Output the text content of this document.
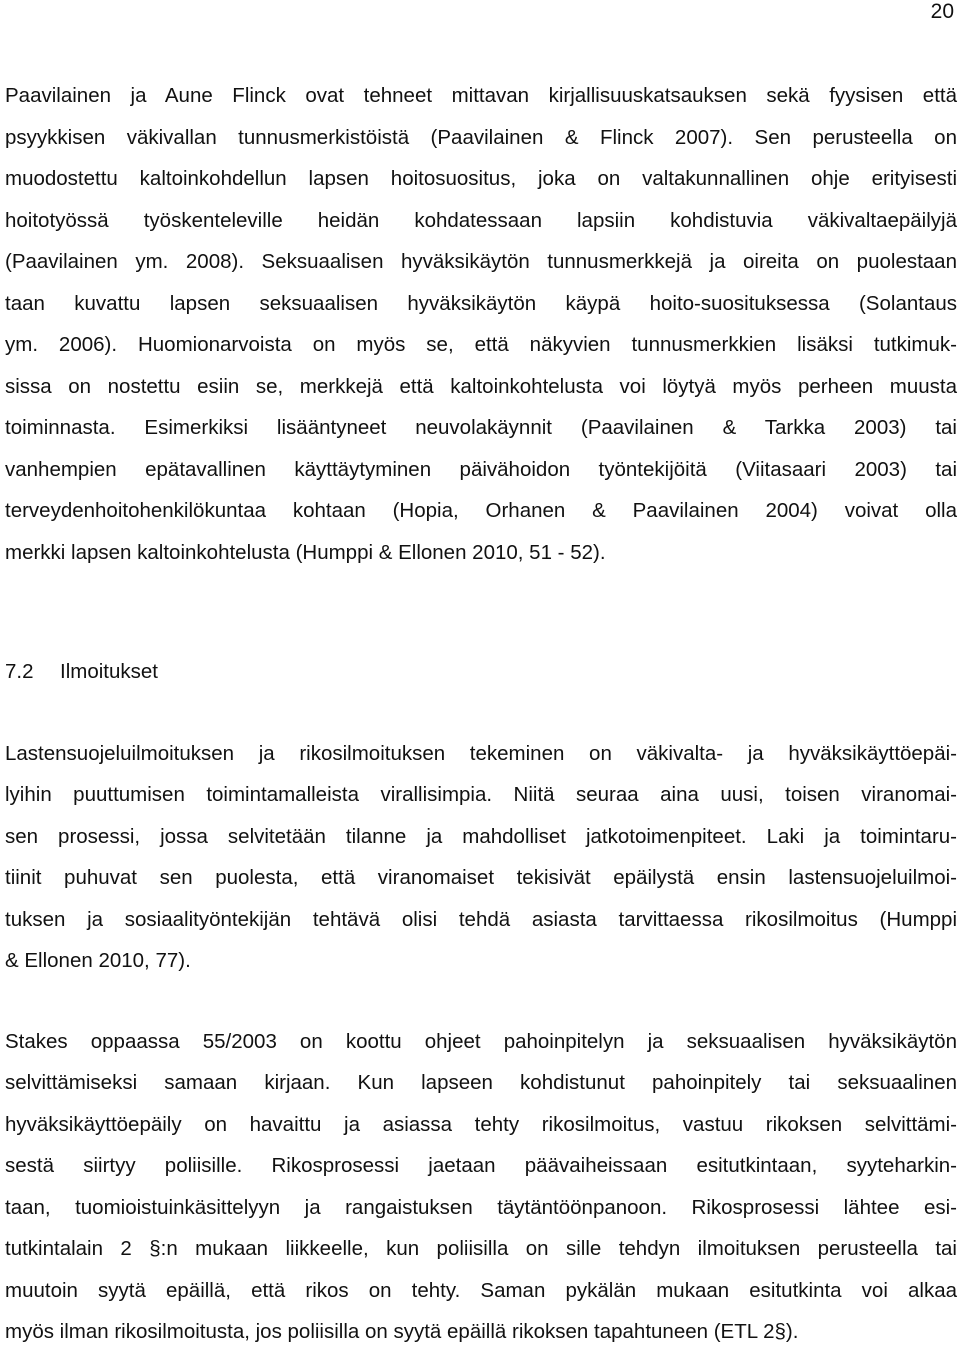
20
Paavilainen ja Aune Flinck ovat tehneet mittavan kirjallisuuskatsauksen sekä fyysisen että
psyykkisen väkivallan tunnusmerkistöistä (Paavilainen & Flinck 2007). Sen perusteella on
muodostettu kaltoinkohdellun lapsen hoitosuositus, joka on valtakunnallinen ohje erityisesti
hoitotyössä työskenteleville heidän kohdatessaan lapsiin kohdistuvia väkivaltaepäilyjä
(Paavilainen ym. 2008). Seksuaalisen hyväksikäytön tunnusmerkkejä ja oireita on puolestaan
taan kuvattu lapsen seksuaalisen hyväksikäytön käypä hoito-suosituksessa (Solantaus
ym. 2006). Huomionarvoista on myös se, että näkyvien tunnusmerkkien lisäksi tutkimuk-
sissa on nostettu esiin se, merkkejä että kaltoinkohtelusta voi löytyä myös perheen muusta
toiminnasta. Esimerkiksi lisääntyneet neuvolakäynnit (Paavilainen & Tarkka 2003) tai
vanhempien epätavallinen käyttäytyminen päivähoidon työntekijöitä (Viitasaari 2003) tai
terveydenhoitohenkilökuntaa kohtaan (Hopia, Orhanen & Paavilainen 2004) voivat olla
merkki lapsen kaltoinkohtelusta (Humppi & Ellonen 2010, 51 - 52).
7.2	Ilmoitukset
Lastensuojeluilmoituksen ja rikosilmoituksen tekeminen on väkivalta- ja hyväksikäyttöepäi-
lyihin puuttumisen toimintamalleista virallisimpia. Niitä seuraa aina uusi, toisen viranomai-
sen prosessi, jossa selvitetään tilanne ja mahdolliset jatkotoimenpiteet. Laki ja toimintaru-
tiinit puhuvat sen puolesta, että viranomaiset tekisivät epäilystä ensin lastensuojeluilmoi-
tuksen ja sosiaalityöntekijän tehtävä olisi tehdä asiasta tarvittaessa rikosilmoitus (Humppi
& Ellonen 2010, 77).
Stakes oppaassa 55/2003 on koottu ohjeet pahoinpitelyn ja seksuaalisen hyväksikäytön
selvittämiseksi samaan kirjaan. Kun lapseen kohdistunut pahoinpitely tai seksuaalinen
hyväksikäyttöepäily on havaittu ja asiassa tehty rikosilmoitus, vastuu rikoksen selvittämi-
sestä siirtyy poliisille. Rikosprosessi jaetaan päävaiheissaan esitutkintaan, syyteharkin-
taan, tuomioistuinkäsittelyyn ja rangaistuksen täytäntöönpanoon. Rikosprosessi lähtee esi-
tutkintalain 2 §:n mukaan liikkeelle, kun poliisilla on sille tehdyn ilmoituksen perusteella tai
muutoin syytä epäillä, että rikos on tehty. Saman pykälän mukaan esitutkinta voi alkaa
myös ilman rikosilmoitusta, jos poliisilla on syytä epäillä rikoksen tapahtuneen (ETL 2§).
